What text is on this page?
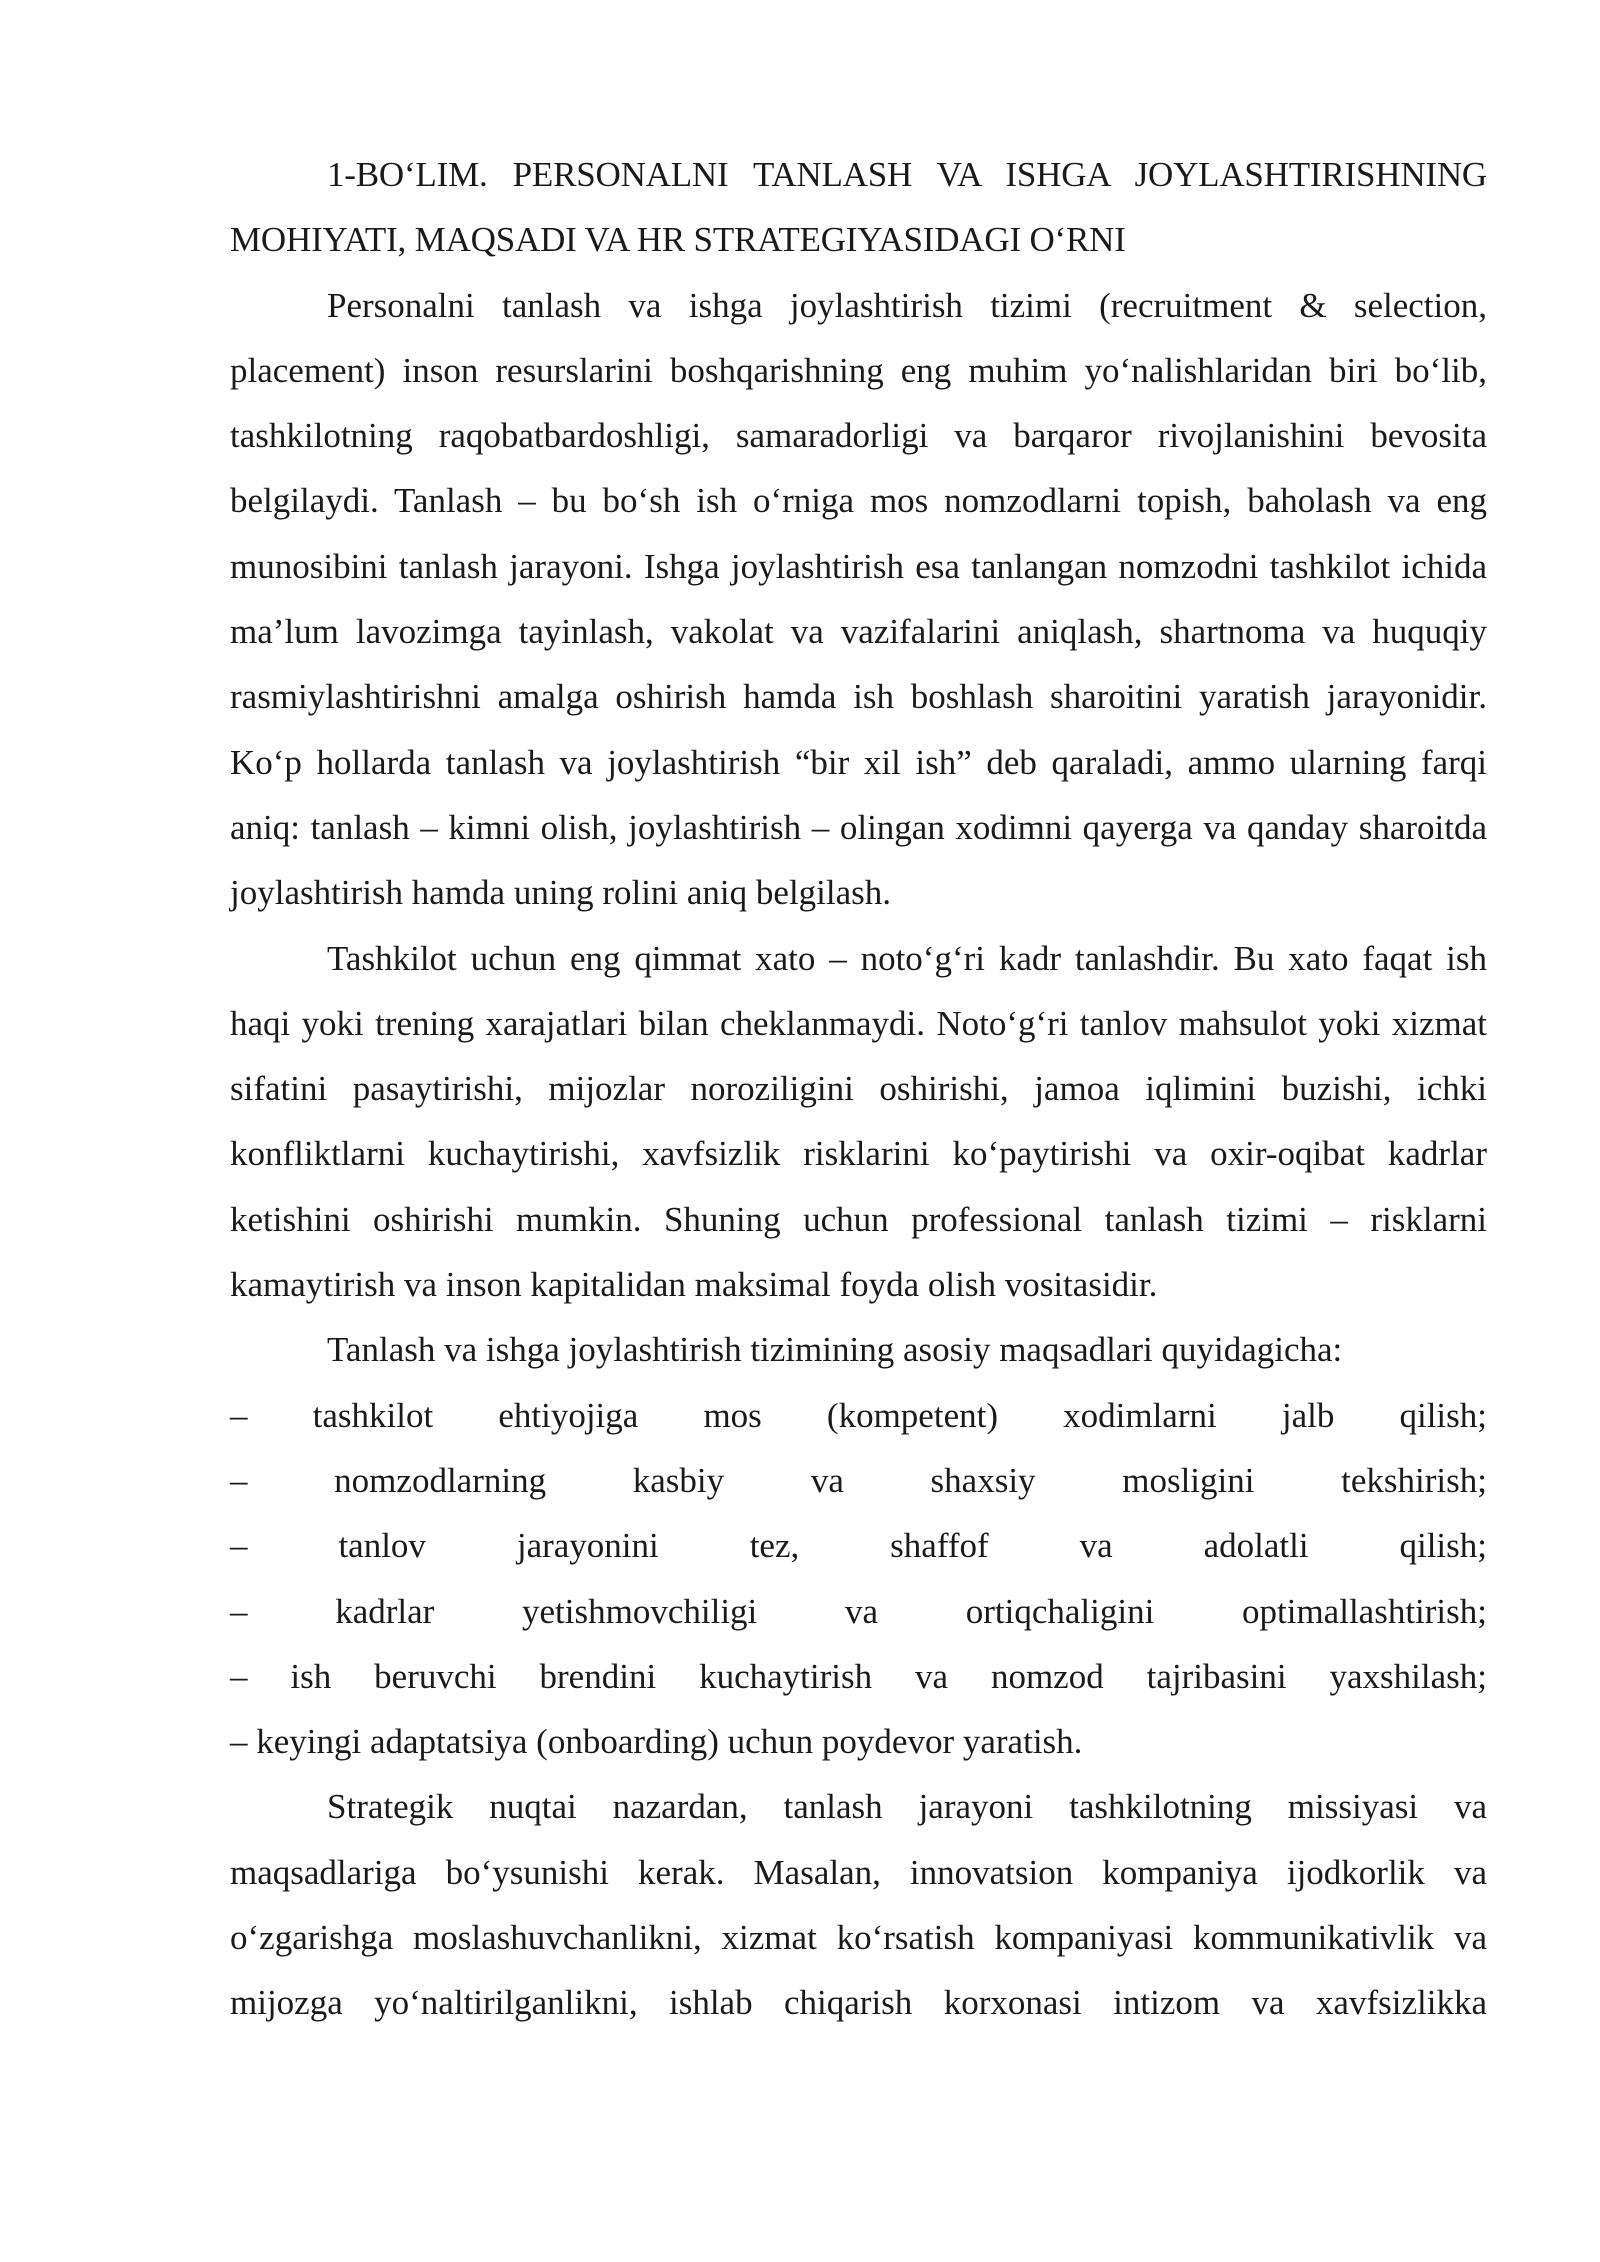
1-BO‘LIM. PERSONALNI TANLASH VA ISHGA JOYLASHTIRISHNING MOHIYATI, MAQSADI VA HR STRATEGIYASIDAGI O‘RNI

Personalni tanlash va ishga joylashtirish tizimi (recruitment & selection, placement) inson resurslarini boshqarishning eng muhim yo‘nalishlaridan biri bo‘lib, tashkilotning raqobatbardoshligi, samaradorligi va barqaror rivojlanishini bevosita belgilaydi. Tanlash – bu bo‘sh ish o‘rniga mos nomzodlarni topish, baholash va eng munosibini tanlash jarayoni. Ishga joylashtirish esa tanlangan nomzodni tashkilot ichida ma’lum lavozimga tayinlash, vakolat va vazifalarini aniqlash, shartnoma va huquqiy rasmiylashtirishni amalga oshirish hamda ish boshlash sharoitini yaratish jarayonidir. Ko‘p hollarda tanlash va joylashtirish “bir xil ish” deb qaraladi, ammo ularning farqi aniq: tanlash – kimni olish, joylashtirish – olingan xodimni qayerga va qanday sharoitda joylashtirish hamda uning rolini aniq belgilash.

Tashkilot uchun eng qimmat xato – noto‘g‘ri kadr tanlashdir. Bu xato faqat ish haqi yoki trening xarajatlari bilan cheklanmaydi. Noto‘g‘ri tanlov mahsulot yoki xizmat sifatini pasaytirishi, mijozlar noroziligini oshirishi, jamoa iqlimini buzishi, ichki konfliktlarni kuchaytirishi, xavfsizlik risklarini ko‘paytirishi va oxir-oqibat kadrlar ketishini oshirishi mumkin. Shuning uchun professional tanlash tizimi – risklarni kamaytirish va inson kapitalidan maksimal foyda olish vositasidir.

Tanlash va ishga joylashtirish tizimining asosiy maqsadlari quyidagicha:

– tashkilot ehtiyojiga mos (kompetent) xodimlarni jalb qilish;

– nomzodlarning kasbiy va shaxsiy mosligini tekshirish;

– tanlov jarayonini tez, shaffof va adolatli qilish;

– kadrlar yetishmovchiligi va ortiqchaligini optimallashtirish;

– ish beruvchi brendini kuchaytirish va nomzod tajribasini yaxshilash;

– keyingi adaptatsiya (onboarding) uchun poydevor yaratish.

Strategik nuqtai nazardan, tanlash jarayoni tashkilotning missiyasi va maqsadlariga bo‘ysunishi kerak. Masalan, innovatsion kompaniya ijodkorlik va o‘zgarishga moslashuvchanlikni, xizmat ko‘rsatish kompaniyasi kommunikativlik va mijozga yo‘naltirilganlikni, ishlab chiqarish korxonasi intizom va xavfsizlikka
